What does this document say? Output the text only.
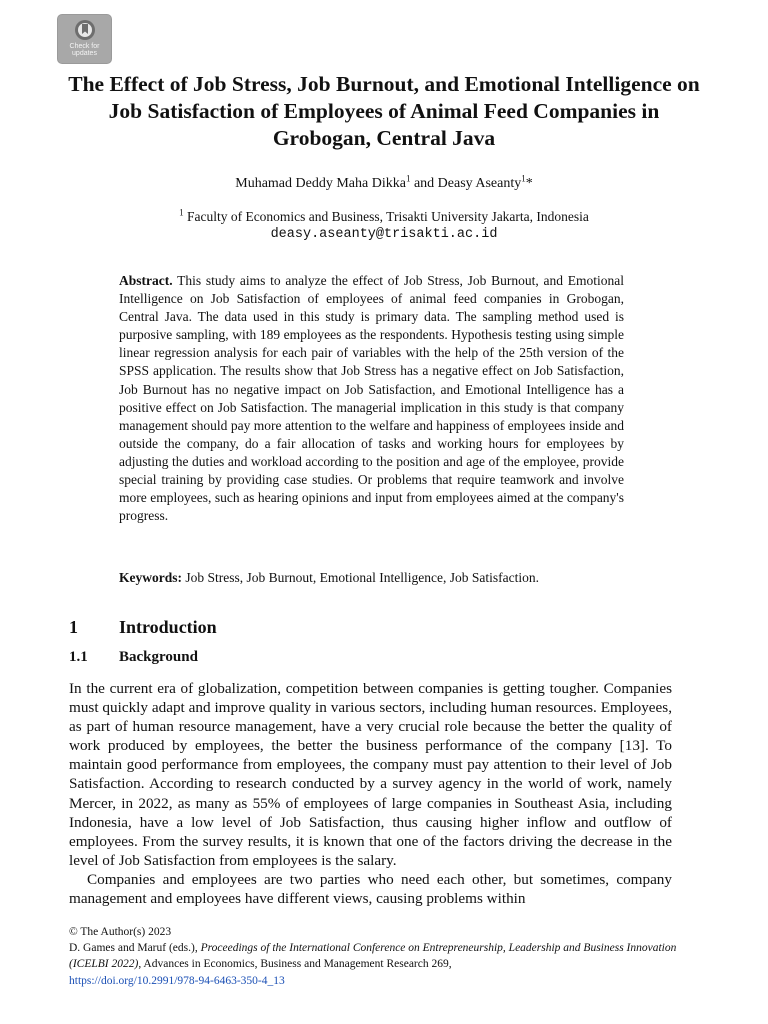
Check for
updates
The Effect of Job Stress, Job Burnout, and Emotional Intelligence on Job Satisfaction of Employees of Animal Feed Companies in Grobogan, Central Java
Muhamad Deddy Maha Dikka$^1$ and Deasy Aseanty$^1$*
$^1$ Faculty of Economics and Business, Trisakti University Jakarta, Indonesia
deasy.aseanty@trisakti.ac.id
Abstract. This study aims to analyze the effect of Job Stress, Job Burnout, and Emotional Intelligence on Job Satisfaction of employees of animal feed companies in Grobogan, Central Java. The data used in this study is primary data. The sampling method used is purposive sampling, with 189 employees as the respondents. Hypothesis testing using simple linear regression analysis for each pair of variables with the help of the 25th version of the SPSS application. The results show that Job Stress has a negative effect on Job Satisfaction, Job Burnout has no negative impact on Job Satisfaction, and Emotional Intelligence has a positive effect on Job Satisfaction. The managerial implication in this study is that company management should pay more attention to the welfare and happiness of employees inside and outside the company, do a fair allocation of tasks and working hours for employees by adjusting the duties and workload according to the position and age of the employee, provide special training by providing case studies. Or problems that require teamwork and involve more employees, such as hearing opinions and input from employees aimed at the company's progress.
Keywords: Job Stress, Job Burnout, Emotional Intelligence, Job Satisfaction.
1 Introduction
1.1 Background

In the current era of globalization, competition between companies is getting tougher. Companies must quickly adapt and improve quality in various sectors, including human resources. Employees, as part of human resource management, have a very crucial role because the better the quality of work produced by employees, the better the business performance of the company [13]. To maintain good performance from employees, the company must pay attention to their level of Job Satisfaction. According to research conducted by a survey agency in the world of work, namely Mercer, in 2022, as many as 55% of employees of large companies in Southeast Asia, including Indonesia, have a low level of Job Satisfaction, thus causing higher inflow and outflow of employees. From the survey results, it is known that one of the factors driving the decrease in the level of Job Satisfaction from employees is the salary.

Companies and employees are two parties who need each other, but sometimes, company management and employees have different views, causing problems within

© The Author(s) 2023
D. Games and Maruf (eds.), Proceedings of the International Conference on Entrepreneurship, Leadership and Business Innovation (ICELBI 2022), Advances in Economics, Business and Management Research 269,
https://doi.org/10.2991/978-94-6463-350-4_13
